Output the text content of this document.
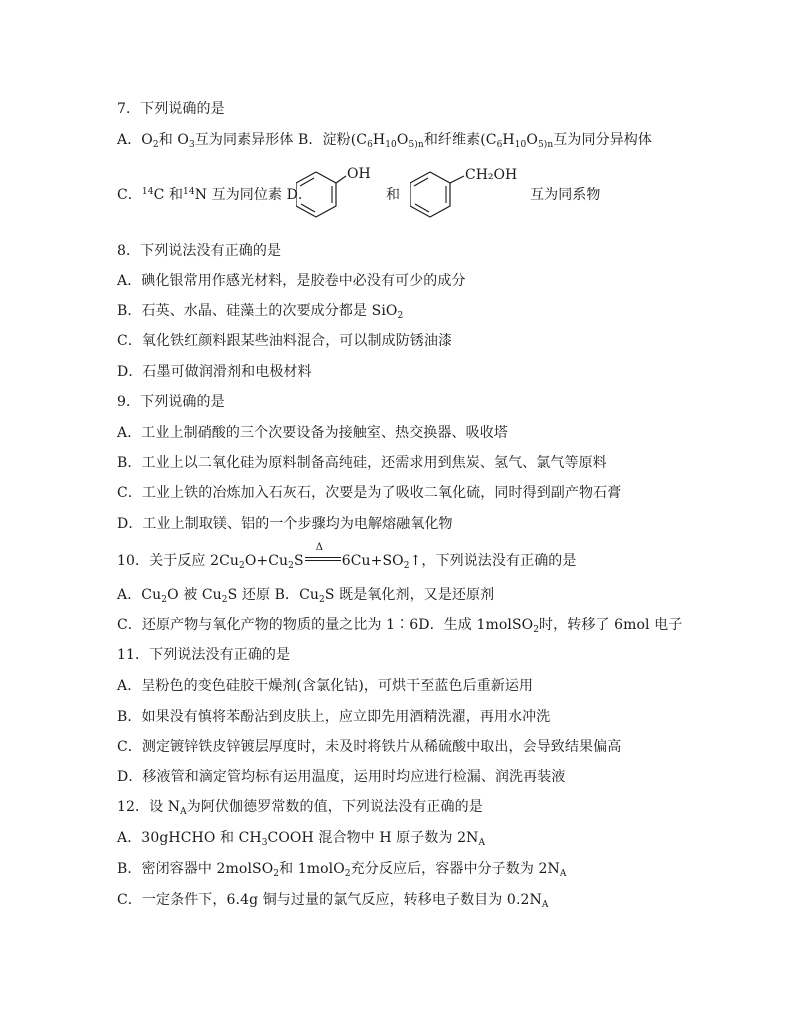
7．下列说确的是
A．$O_2$和 $O_3$互为同素异形体 B．淀粉($C_6H_{10}O_{5)n}$和纤维素($C_6H_{10}O_{5)n}$互为同分异构体
C．$^{14}$C 和$^{14}$N 互为同位素 D．
OH
和
CH₂OH
互为同系物
8．下列说法没有正确的是
A．碘化银常用作感光材料，是胶卷中必没有可少的成分
B．石英、水晶、硅藻土的次要成分都是 SiO$_2$
C．氧化铁红颜料跟某些油料混合，可以制成防锈油漆
D．石墨可做润滑剂和电极材料
9．下列说确的是
A．工业上制硝酸的三个次要设备为接触室、热交换器、吸收塔
B．工业上以二氧化硅为原料制备高纯硅，还需求用到焦炭、氢气、氯气等原料
C．工业上铁的冶炼加入石灰石，次要是为了吸收二氧化硫，同时得到副产物石膏
D．工业上制取镁、铝的一个步骤均为电解熔融氧化物
10．关于反应 $2Cu_2O+Cu_2S$
Δ
$6Cu+SO_2↑$，下列说法没有正确的是
A．$Cu_2O$ 被 $Cu_2S$ 还原 B．$Cu_2S$ 既是氧化剂，又是还原剂
C．还原产物与氧化产物的物质的量之比为 1∶6D．生成 1molSO$_2$时，转移了 6mol 电子
11．下列说法没有正确的是
A．呈粉色的变色硅胶干燥剂(含氯化钴)，可烘干至蓝色后重新运用
B．如果没有慎将苯酚沾到皮肤上，应立即先用酒精洗濯，再用水冲洗
C．测定镀锌铁皮锌镀层厚度时，未及时将铁片从稀硫酸中取出，会导致结果偏高
D．移液管和滴定管均标有运用温度，运用时均应进行检漏、润洗再装液
12．设 $N_A$为阿伏伽德罗常数的值，下列说法没有正确的是
A．30gHCHO 和 $CH_3COOH$ 混合物中 H 原子数为 $2N_A$
B．密闭容器中 2molSO$_2$和 1molO$_2$充分反应后，容器中分子数为 $2N_A$
C．一定条件下，6.4g 铜与过量的氯气反应，转移电子数目为 $0.2N_A$
